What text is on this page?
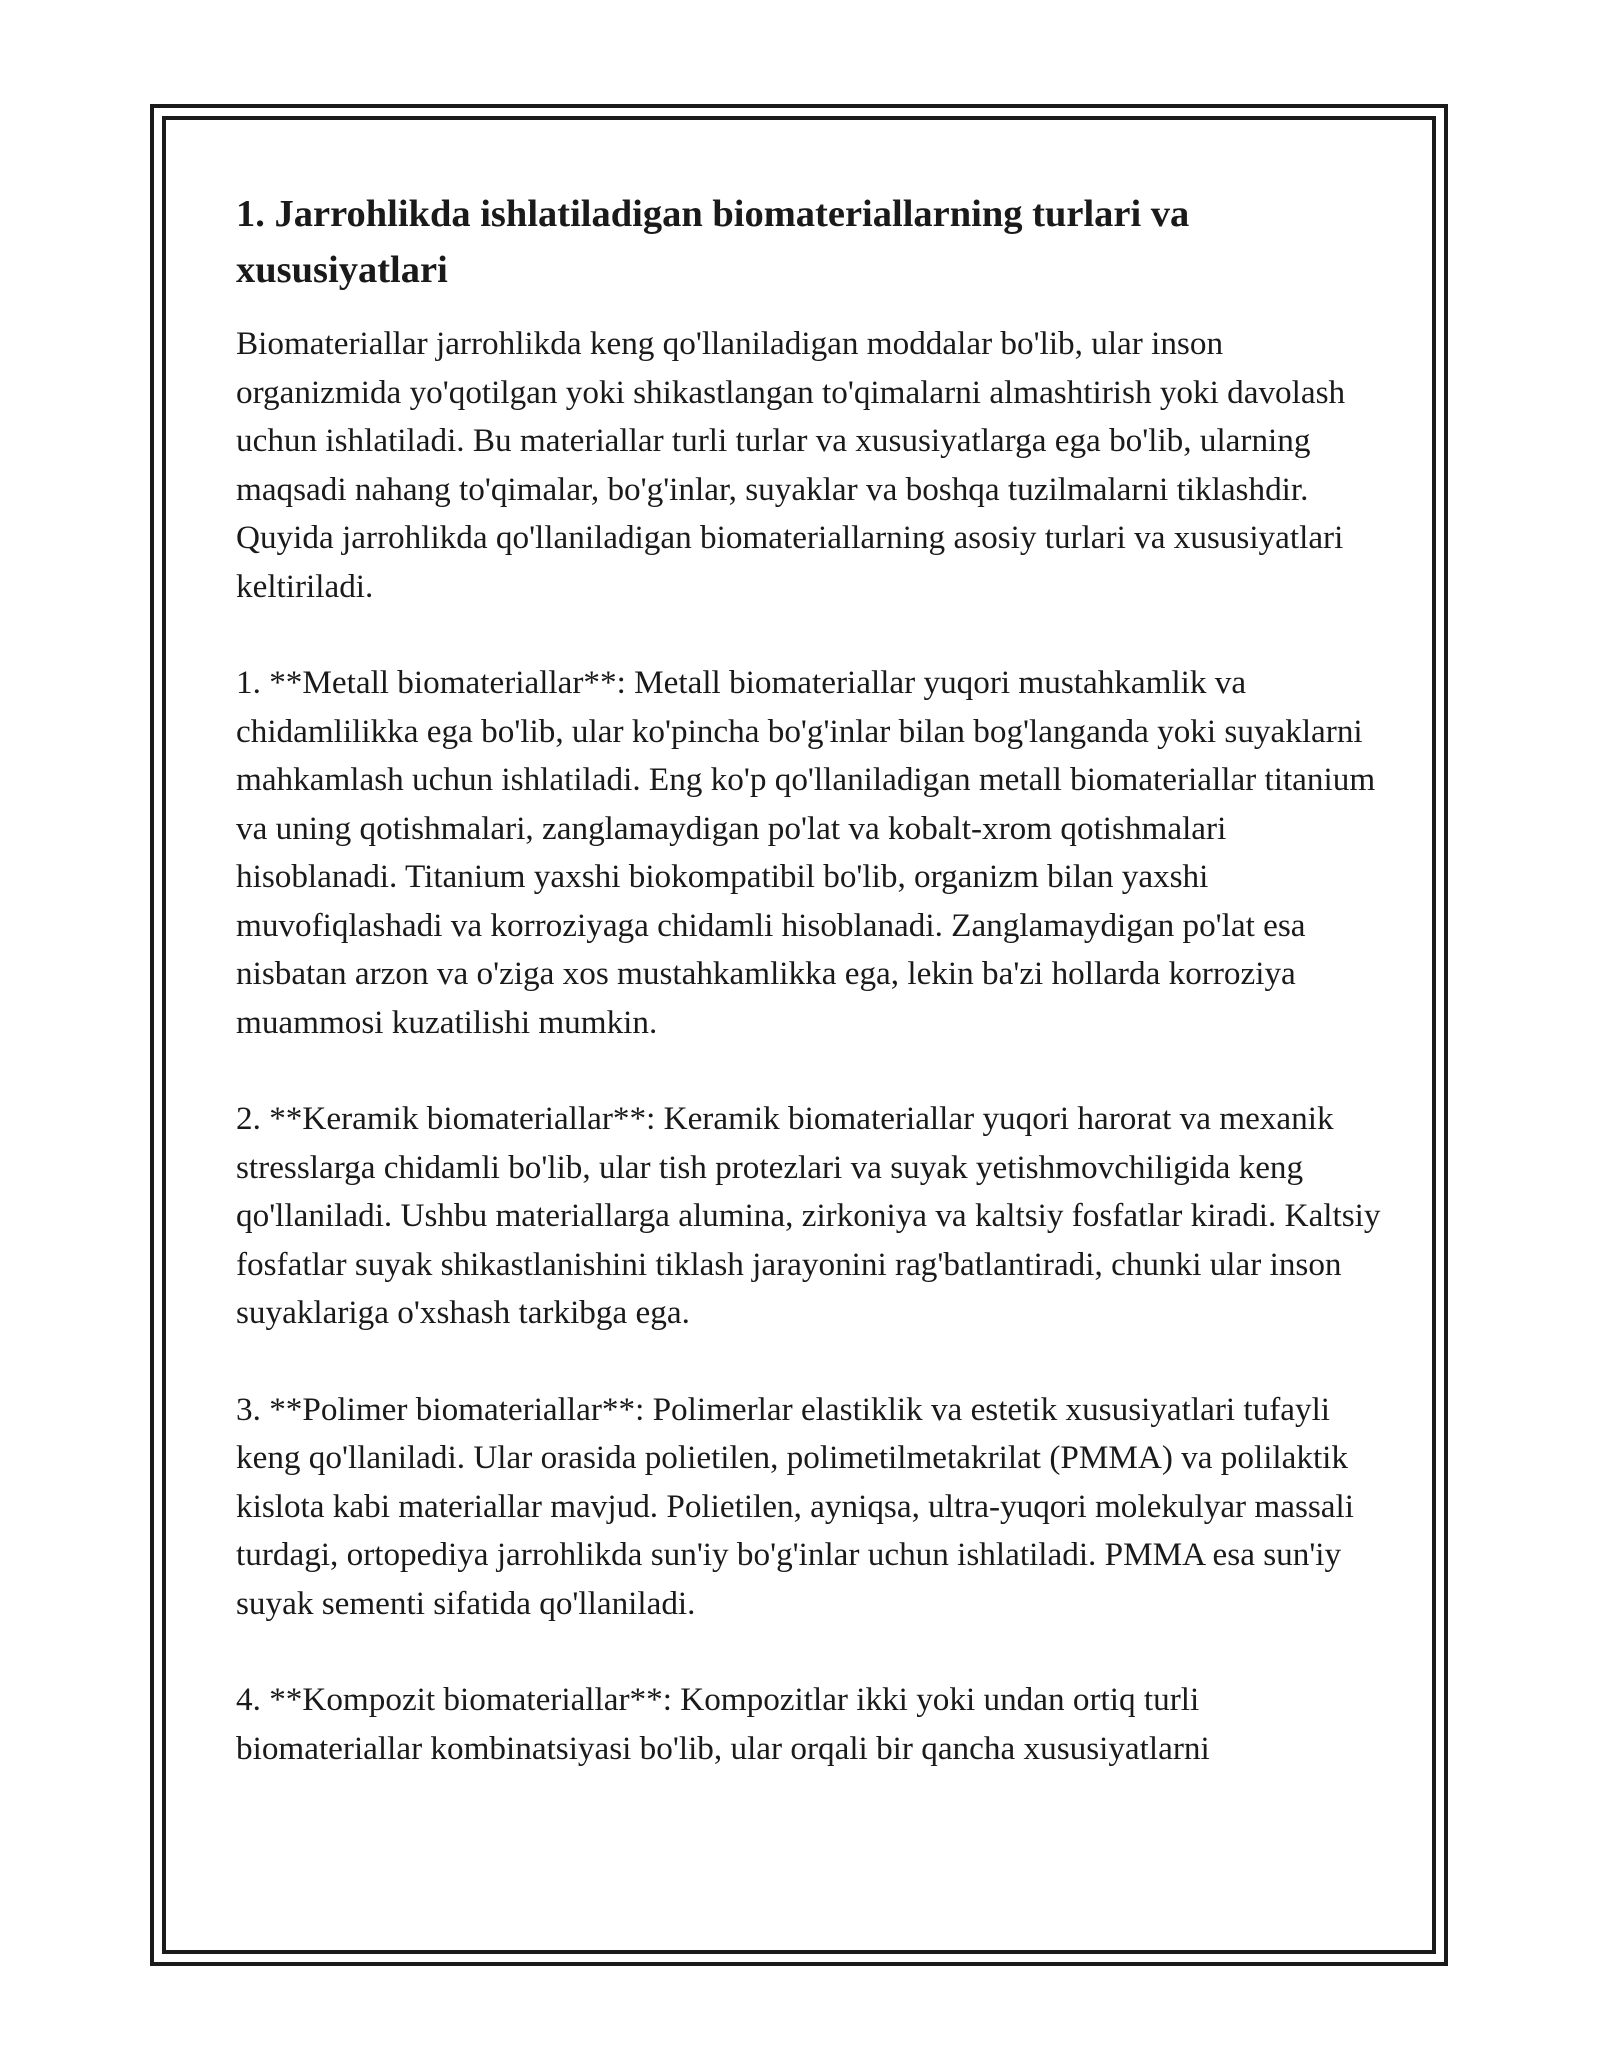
1. Jarrohlikda ishlatiladigan biomateriallarning turlari va xususiyatlari

Biomateriallar jarrohlikda keng qo'llaniladigan moddalar bo'lib, ular inson organizmida yo'qotilgan yoki shikastlangan to'qimalarni almashtirish yoki davolash uchun ishlatiladi. Bu materiallar turli turlar va xususiyatlarga ega bo'lib, ularning maqsadi nahang to'qimalar, bo'g'inlar, suyaklar va boshqa tuzilmalarni tiklashdir. Quyida jarrohlikda qo'llaniladigan biomateriallarning asosiy turlari va xususiyatlari keltiriladi.

1. **Metall biomateriallar**: Metall biomateriallar yuqori mustahkamlik va chidamlilikka ega bo'lib, ular ko'pincha bo'g'inlar bilan bog'langanda yoki suyaklarni mahkamlash uchun ishlatiladi. Eng ko'p qo'llaniladigan metall biomateriallar titanium va uning qotishmalari, zanglamaydigan po'lat va kobalt-xrom qotishmalari hisoblanadi. Titanium yaxshi biokompatibil bo'lib, organizm bilan yaxshi muvofiqlashadi va korroziyaga chidamli hisoblanadi. Zanglamaydigan po'lat esa nisbatan arzon va o'ziga xos mustahkamlikka ega, lekin ba'zi hollarda korroziya muammosi kuzatilishi mumkin.

2. **Keramik biomateriallar**: Keramik biomateriallar yuqori harorat va mexanik stresslarga chidamli bo'lib, ular tish protezlari va suyak yetishmovchiligida keng qo'llaniladi. Ushbu materiallarga alumina, zirkoniya va kaltsiy fosfatlar kiradi. Kaltsiy fosfatlar suyak shikastlanishini tiklash jarayonini rag'batlantiradi, chunki ular inson suyaklariga o'xshash tarkibga ega.

3. **Polimer biomateriallar**: Polimerlar elastiklik va estetik xususiyatlari tufayli keng qo'llaniladi. Ular orasida polietilen, polimetilmetakrilat (PMMA) va polilaktik kislota kabi materiallar mavjud. Polietilen, ayniqsa, ultra-yuqori molekulyar massali turdagi, ortopediya jarrohlikda sun'iy bo'g'inlar uchun ishlatiladi. PMMA esa sun'iy suyak sementi sifatida qo'llaniladi.

4. **Kompozit biomateriallar**: Kompozitlar ikki yoki undan ortiq turli biomateriallar kombinatsiyasi bo'lib, ular orqali bir qancha xususiyatlarni
